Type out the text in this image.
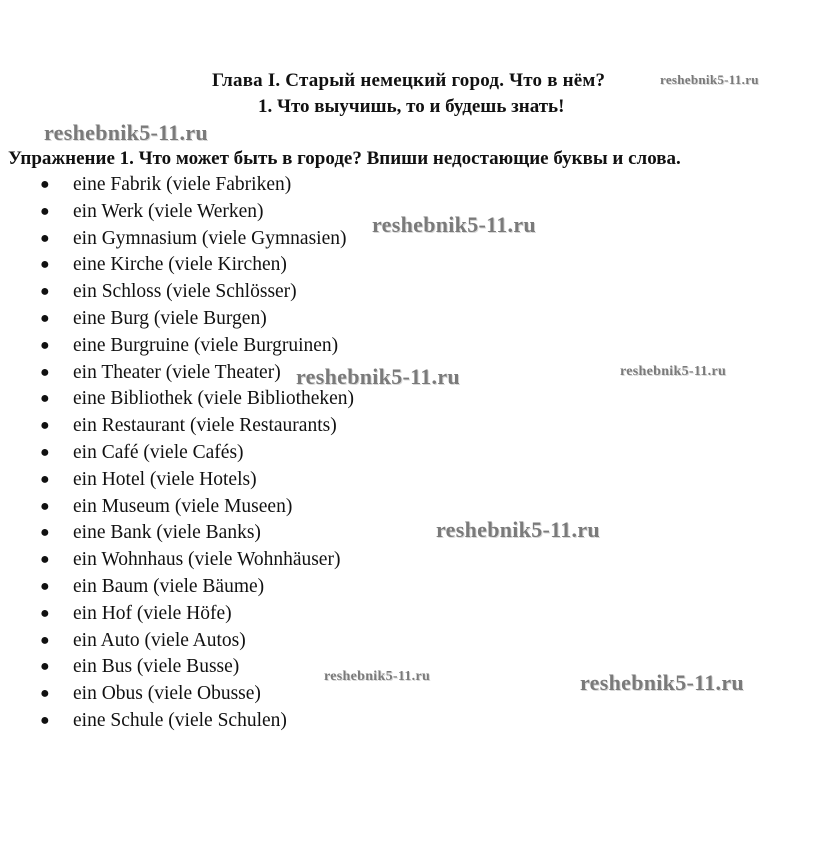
Глава I. Старый немецкий город. Что в нём?
1. Что выучишь, то и будешь знать!
Упражнение 1. Что может быть в городе? Впиши недостающие буквы и слова.
● eine Fabrik (viele Fabriken)
● ein Werk (viele Werken)
● ein Gymnasium (viele Gymnasien)
● eine Kirche (viele Kirchen)
● ein Schloss (viele Schlösser)
● eine Burg (viele Burgen)
● eine Burgruine (viele Burgruinen)
● ein Theater (viele Theater)
● eine Bibliothek (viele Bibliotheken)
● ein Restaurant (viele Restaurants)
● ein Café (viele Cafés)
● ein Hotel (viele Hotels)
● ein Museum (viele Museen)
● eine Bank (viele Banks)
● ein Wohnhaus (viele Wohnhäuser)
● ein Baum (viele Bäume)
● ein Hof (viele Höfe)
● ein Auto (viele Autos)
● ein Bus (viele Busse)
● ein Obus (viele Obusse)
● eine Schule (viele Schulen)
reshebnik5-11.ru
reshebnik5-11.ru
reshebnik5-11.ru
reshebnik5-11.ru	reshebnik5-11.ru
reshebnik5-11.ru
reshebnik5-11.ru	reshebnik5-11.ru
